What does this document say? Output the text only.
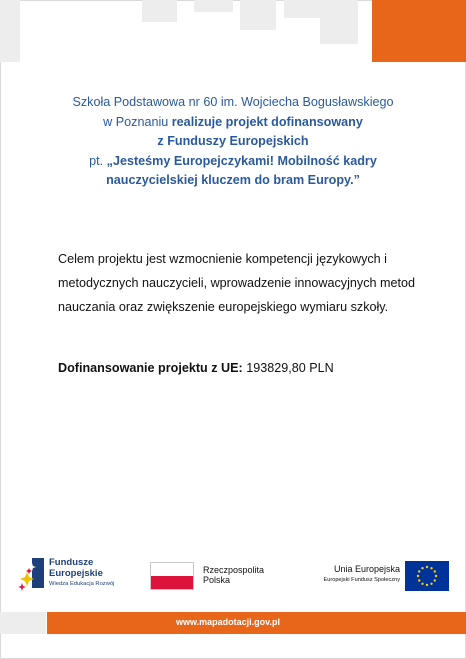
Szkoła Podstawowa nr 60 im. Wojciecha Bogusławskiego
w Poznaniu realizuje projekt dofinansowany
z Funduszy Europejskich
pt. „Jesteśmy Europejczykami! Mobilność kadry
nauczycielskiej kluczem do bram Europy.”
Celem projektu jest wzmocnienie kompetencji językowych i metodycznych nauczycieli, wprowadzenie innowacyjnych metod nauczania oraz zwiększenie europejskiego wymiaru szkoły.
Dofinansowanie projektu z UE: 193829,80 PLN
Fundusze
Europejskie
Wiedza Edukacja Rozwój
Rzeczpospolita
Polska
Unia Europejska
Europejski Fundusz Społeczny
www.mapadotacji.gov.pl
